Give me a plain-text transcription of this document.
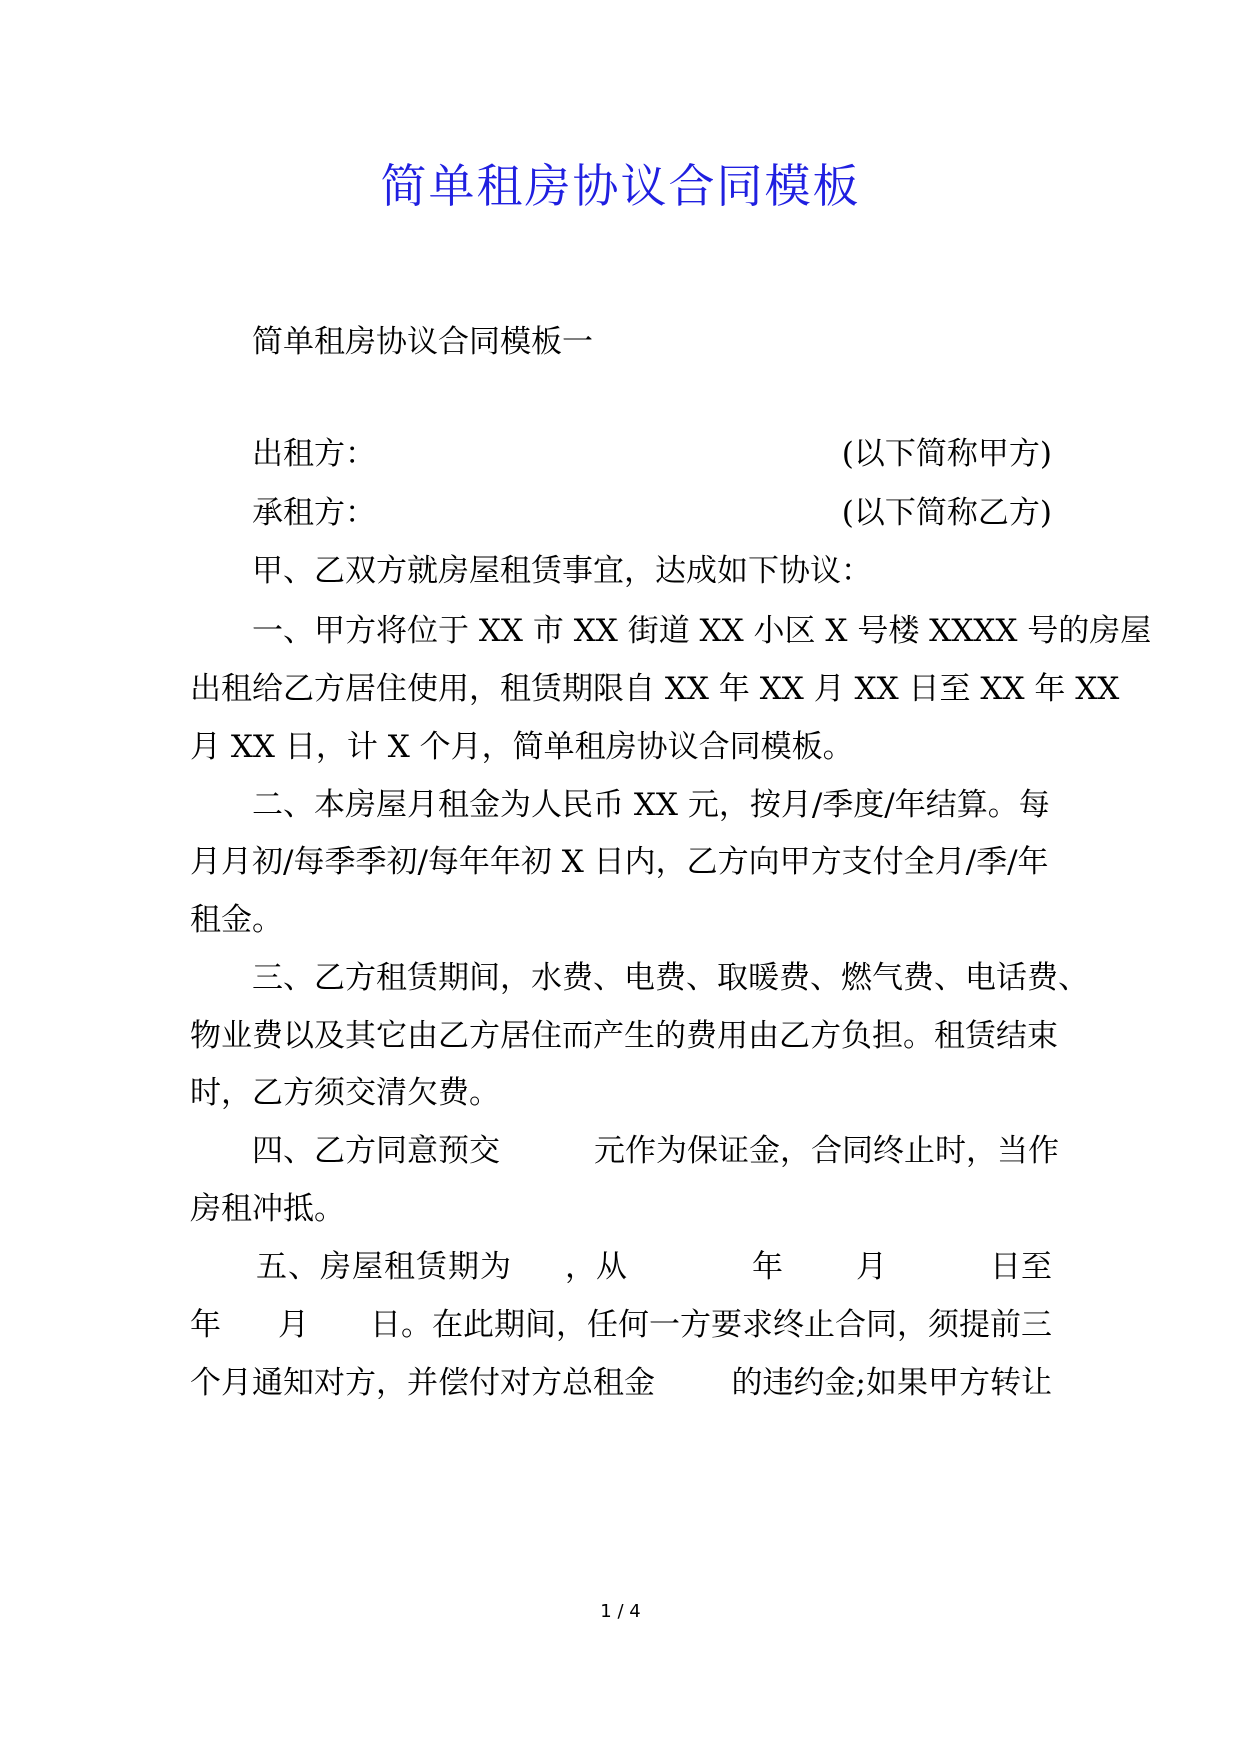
简单租房协议合同模板
简单租房协议合同模板一
出租方：	(以下简称甲方)
承租方：	(以下简称乙方)
甲、乙双方就房屋租赁事宜，达成如下协议：
一、甲方将位于 XX 市 XX 街道 XX 小区 X 号楼 XXXX 号的房屋
出租给乙方居住使用，租赁期限自 XX 年 XX 月 XX 日至 XX 年 XX
月 XX 日，计 X 个月，简单租房协议合同模板。
二、本房屋月租金为人民币 XX 元，按月/季度/年结算。每
月月初/每季季初/每年年初 X 日内，乙方向甲方支付全月/季/年
租金。
三、乙方租赁期间，水费、电费、取暖费、燃气费、电话费、
物业费以及其它由乙方居住而产生的费用由乙方负担。租赁结束
时，乙方须交清欠费。
四、乙方同意预交	元作为保证金，合同终止时，当作
房租冲抵。
五、房屋租赁期为 ，从	年 月	日至
年 月 日。在此期间，任何一方要求终止合同，须提前三
个月通知对方，并偿付对方总租金 的违约金;如果甲方转让
1 / 4
